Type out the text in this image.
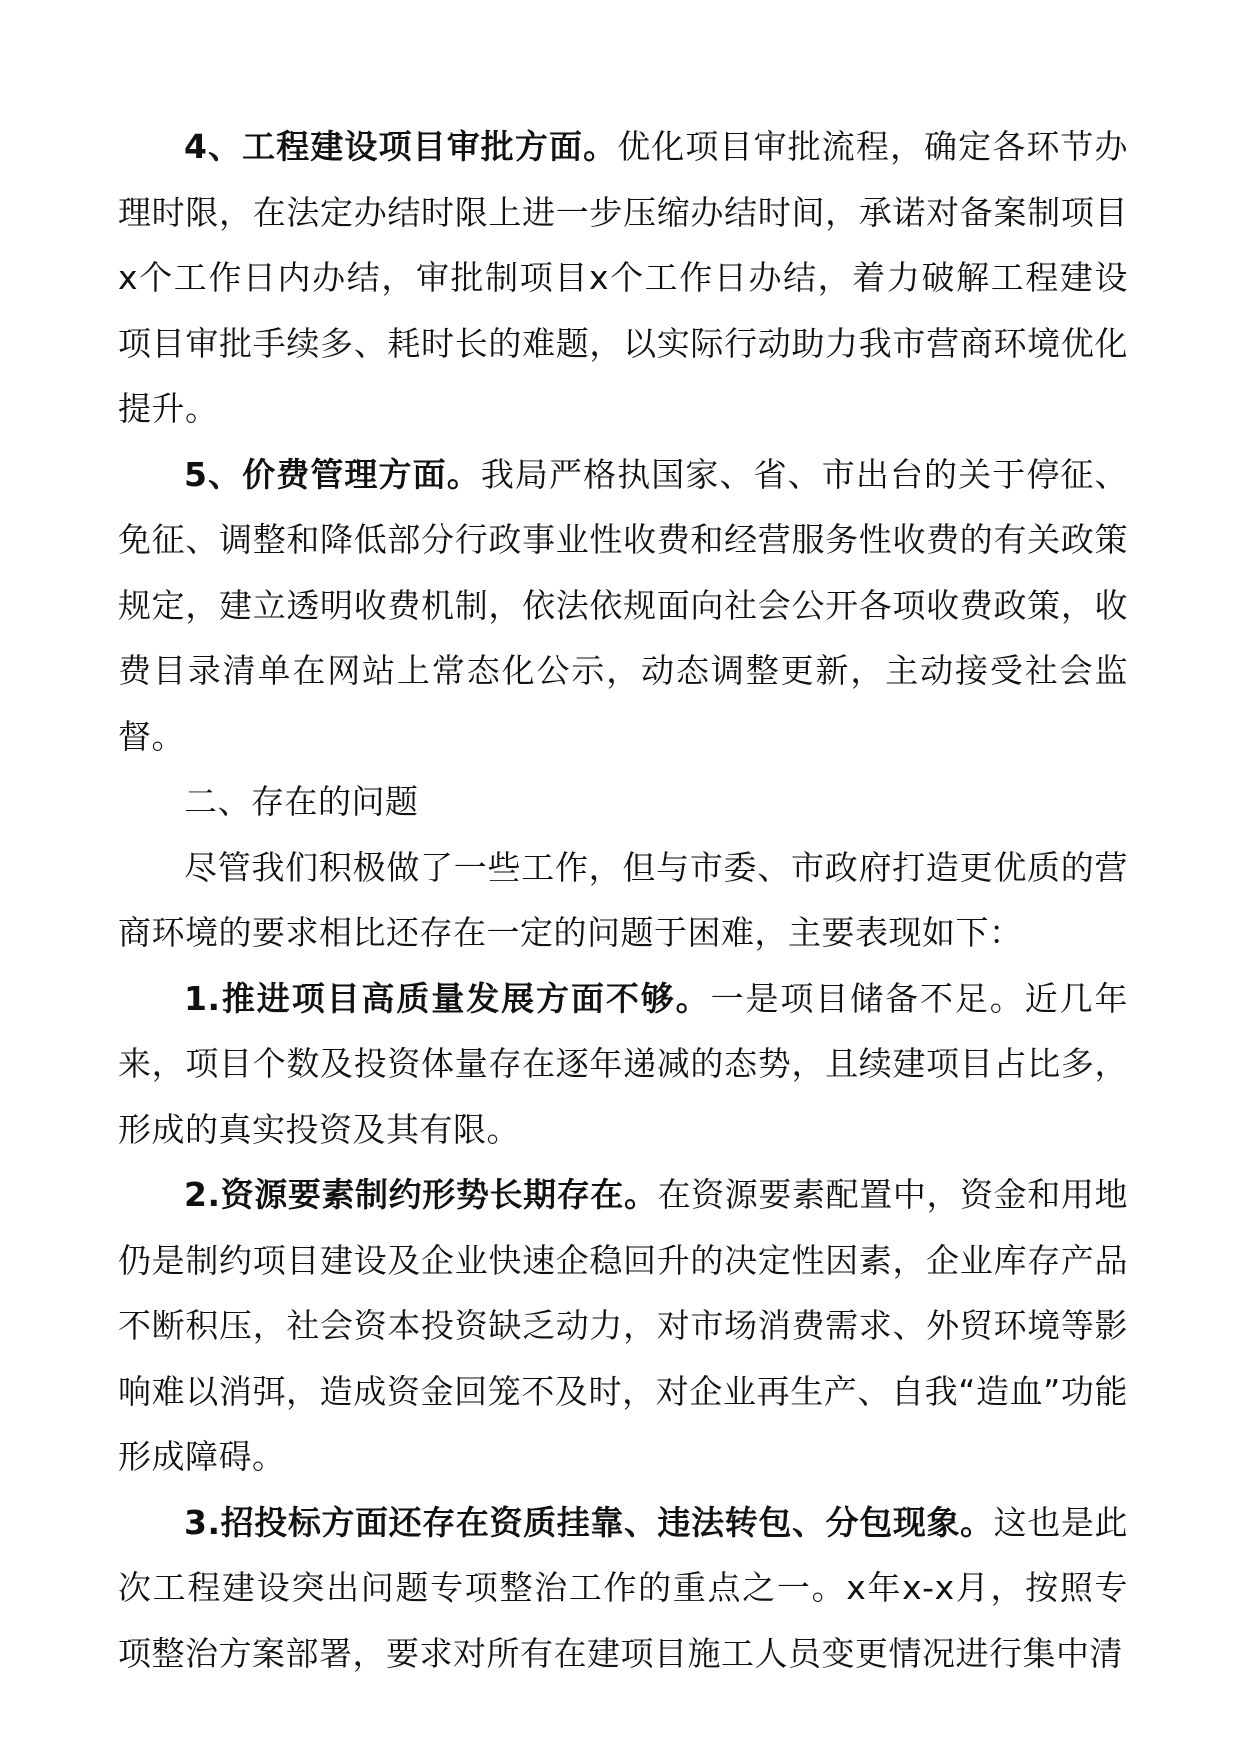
4、工程建设项目审批方面。优化项目审批流程，确定各环节办理时限，在法定办结时限上进一步压缩办结时间，承诺对备案制项目x个工作日内办结，审批制项目x个工作日办结，着力破解工程建设项目审批手续多、耗时长的难题，以实际行动助力我市营商环境优化提升。

5、价费管理方面。我局严格执国家、省、市出台的关于停征、免征、调整和降低部分行政事业性收费和经营服务性收费的有关政策规定，建立透明收费机制，依法依规面向社会公开各项收费政策，收费目录清单在网站上常态化公示，动态调整更新，主动接受社会监督。

二、存在的问题

尽管我们积极做了一些工作，但与市委、市政府打造更优质的营商环境的要求相比还存在一定的问题于困难，主要表现如下：

1.推进项目高质量发展方面不够。一是项目储备不足。近几年来，项目个数及投资体量存在逐年递减的态势，且续建项目占比多，形成的真实投资及其有限。

2.资源要素制约形势长期存在。在资源要素配置中，资金和用地仍是制约项目建设及企业快速企稳回升的决定性因素，企业库存产品不断积压，社会资本投资缺乏动力，对市场消费需求、外贸环境等影响难以消弭，造成资金回笼不及时，对企业再生产、自我“造血”功能形成障碍。

3.招投标方面还存在资质挂靠、违法转包、分包现象。这也是此次工程建设突出问题专项整治工作的重点之一。x年x-x月，按照专项整治方案部署，要求对所有在建项目施工人员变更情况进行集中清
